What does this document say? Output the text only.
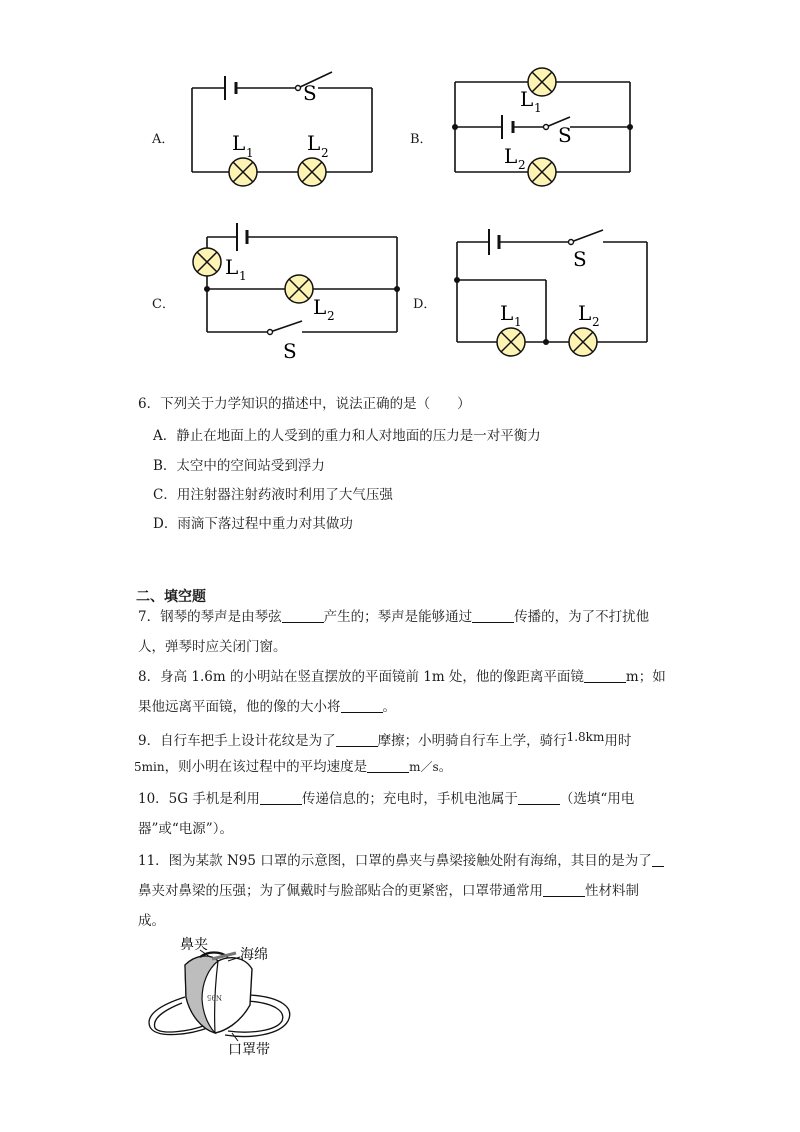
A．
S
L 1	L 2
B．
L 1
S
L 2
C．
L 1
L 2
S
D．
S
L 1	L 2
6．下列关于力学知识的描述中，说法正确的是（　　）
A．静止在地面上的人受到的重力和人对地面的压力是一对平衡力
B．太空中的空间站受到浮力
C．用注射器注射药液时利用了大气压强
D．雨滴下落过程中重力对其做功
二、填空题
7．钢琴的琴声是由琴弦	产生的；琴声是能够通过	传播的，为了不打扰他
人，弹琴时应关闭门窗。
8．身高 1.6m 的小明站在竖直摆放的平面镜前 1m 处，他的像距离平面镜	m；如
果他远离平面镜，他的像的大小将	。
9．自行车把手上设计花纹是为了	摩擦；小明骑自行车上学，骑行1.8km用时
5min，则小明在该过程中的平均速度是	m／s。
10．5G 手机是利用	传递信息的；充电时，手机电池属于	（选填“用电
器”或“电源”）。
11．图为某款 N95 口罩的示意图，口罩的鼻夹与鼻梁接触处附有海绵，其目的是为了
鼻夹对鼻梁的压强；为了佩戴时与脸部贴合的更紧密，口罩带通常用	性材料制
成。
鼻夹
海绵
口罩带
N95
